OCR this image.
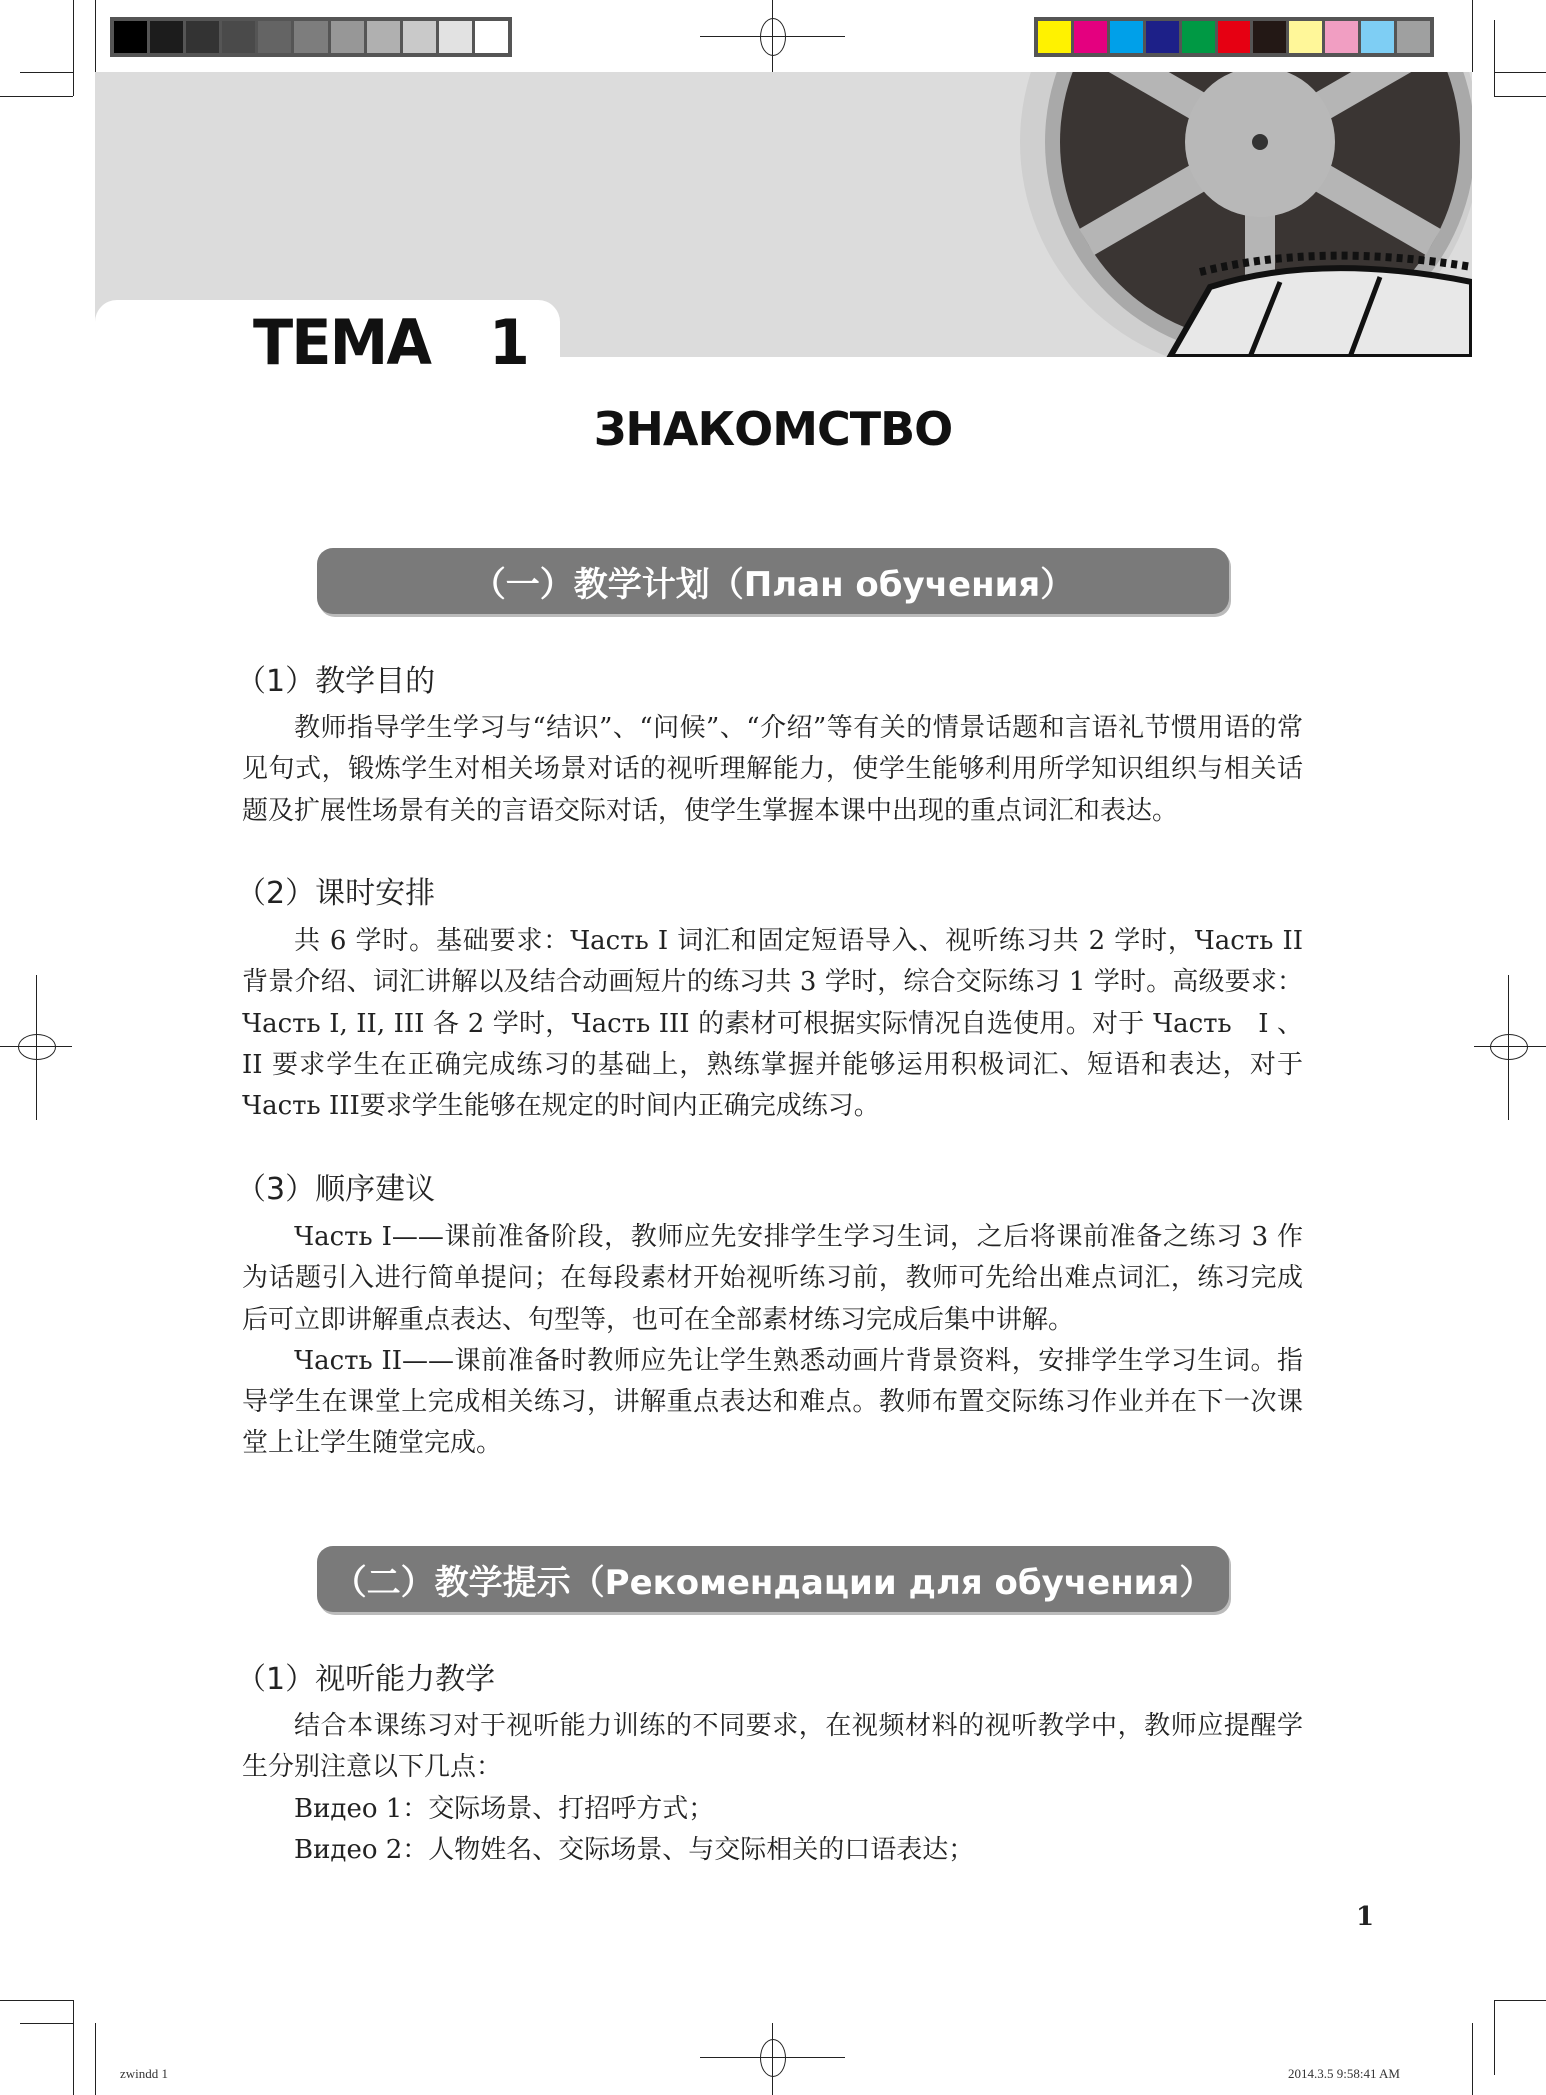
ТЕМА 1
ЗНАКОМСТВО
（一）教学计划（План обучения）
（1）教学目的

教师指导学生学习与“结识”、“问候”、“介绍”等有关的情景话题和言语礼节惯用语的常见句式，锻炼学生对相关场景对话的视听理解能力，使学生能够利用所学知识组织与相关话题及扩展性场景有关的言语交际对话，使学生掌握本课中出现的重点词汇和表达。

（2）课时安排

共 6 学时。基础要求：Часть I 词汇和固定短语导入、视听练习共 2 学时，Часть II 背景介绍、词汇讲解以及结合动画短片的练习共 3 学时，综合交际练习 1 学时。高级要求：Часть I, II, III 各 2 学时，Часть III 的素材可根据实际情况自选使用。对于 Часть　I 、II 要求学生在正确完成练习的基础上，熟练掌握并能够运用积极词汇、短语和表达，对于 Часть III要求学生能够在规定的时间内正确完成练习。

（3）顺序建议

Часть I——课前准备阶段，教师应先安排学生学习生词，之后将课前准备之练习 3 作为话题引入进行简单提问；在每段素材开始视听练习前，教师可先给出难点词汇，练习完成后可立即讲解重点表达、句型等，也可在全部素材练习完成后集中讲解。

Часть II——课前准备时教师应先让学生熟悉动画片背景资料，安排学生学习生词。指导学生在课堂上完成相关练习，讲解重点表达和难点。教师布置交际练习作业并在下一次课堂上让学生随堂完成。

（二）教学提示（Рекомендации для обучения）
（1）视听能力教学

结合本课练习对于视听能力训练的不同要求，在视频材料的视听教学中，教师应提醒学生分别注意以下几点：

Видео 1：交际场景、打招呼方式；

Видео 2：人物姓名、交际场景、与交际相关的口语表达；

1
zwindd 1	2014.3.5 9:58:41 AM
